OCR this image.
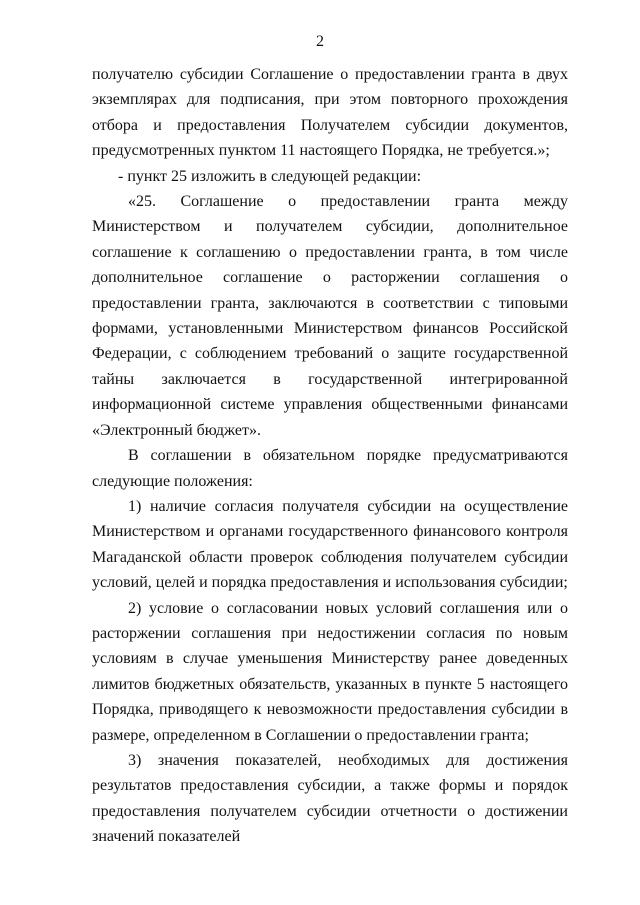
2

получателю субсидии Соглашение о предоставлении гранта в двух экземплярах для подписания, при этом повторного прохождения отбора и предоставления Получателем субсидии документов, предусмотренных пунктом 11 настоящего Порядка, не требуется.»;

- пункт 25 изложить в следующей редакции:

«25. Соглашение о предоставлении гранта между Министерством и получателем субсидии, дополнительное соглашение к соглашению о предоставлении гранта, в том числе дополнительное соглашение о расторжении соглашения о предоставлении гранта, заключаются в соответствии с типовыми формами, установленными Министерством финансов Российской Федерации, с соблюдением требований о защите государственной тайны заключается в государственной интегрированной информационной системе управления общественными финансами «Электронный бюджет».

В соглашении в обязательном порядке предусматриваются следующие положения:

1) наличие согласия получателя субсидии на осуществление Министерством и органами государственного финансового контроля Магаданской области проверок соблюдения получателем субсидии условий, целей и порядка предоставления и использования субсидии;

2) условие о согласовании новых условий соглашения или о расторжении соглашения при недостижении согласия по новым условиям в случае уменьшения Министерству ранее доведенных лимитов бюджетных обязательств, указанных в пункте 5 настоящего Порядка, приводящего к невозможности предоставления субсидии в размере, определенном в Соглашении о предоставлении гранта;

3) значения показателей, необходимых для достижения результатов предоставления субсидии, а также формы и порядок предоставления получателем субсидии отчетности о достижении значений показателей
